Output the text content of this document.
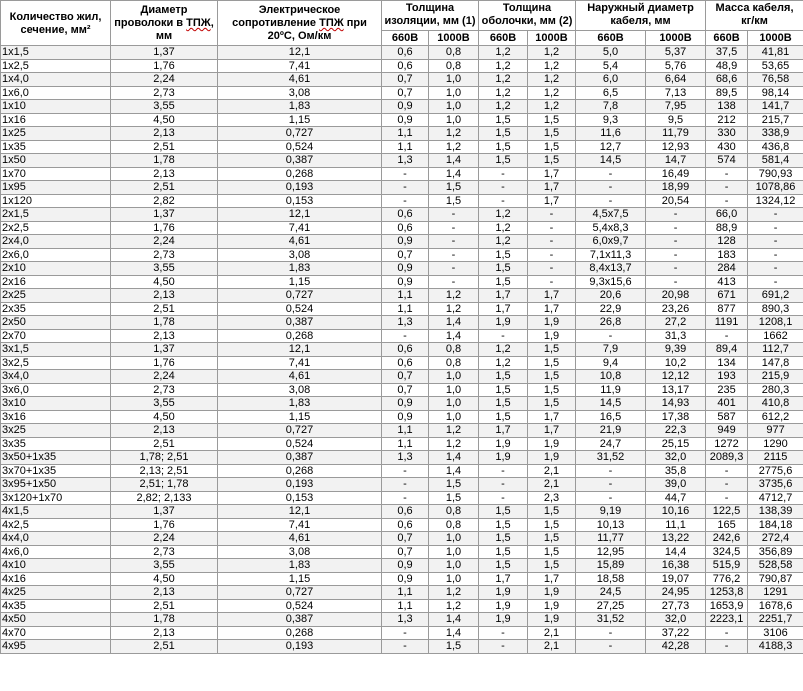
Количество жил, сечение, мм²	Диаметр проволоки в ТПЖ, мм	Электрическое сопротивление ТПЖ при 20ºС, Ом/км	Толщина изоляции, мм (1)		Толщина оболочки, мм (2)		Наружный диаметр кабеля, мм		Масса кабеля, кг/км	
			660В	1000В	660В	1000В	660В	1000В	660В	1000В
1x1,5	1,37	12,1	0,6	0,8	1,2	1,2	5,0	5,37	37,5	41,81
1x2,5	1,76	7,41	0,6	0,8	1,2	1,2	5,4	5,76	48,9	53,65
1x4,0	2,24	4,61	0,7	1,0	1,2	1,2	6,0	6,64	68,6	76,58
1x6,0	2,73	3,08	0,7	1,0	1,2	1,2	6,5	7,13	89,5	98,14
1x10	3,55	1,83	0,9	1,0	1,2	1,2	7,8	7,95	138	141,7
1x16	4,50	1,15	0,9	1,0	1,5	1,5	9,3	9,5	212	215,7
1x25	2,13	0,727	1,1	1,2	1,5	1,5	11,6	11,79	330	338,9
1x35	2,51	0,524	1,1	1,2	1,5	1,5	12,7	12,93	430	436,8
1x50	1,78	0,387	1,3	1,4	1,5	1,5	14,5	14,7	574	581,4
1x70	2,13	0,268	-	1,4	-	1,7	-	16,49	-	790,93
1x95	2,51	0,193	-	1,5	-	1,7	-	18,99	-	1078,86
1x120	2,82	0,153	-	1,5	-	1,7	-	20,54	-	1324,12
2x1,5	1,37	12,1	0,6	-	1,2	-	4,5x7,5	-	66,0	-
2x2,5	1,76	7,41	0,6	-	1,2	-	5,4x8,3	-	88,9	-
2x4,0	2,24	4,61	0,9	-	1,2	-	6,0x9,7	-	128	-
2x6,0	2,73	3,08	0,7	-	1,5	-	7,1x11,3	-	183	-
2x10	3,55	1,83	0,9	-	1,5	-	8,4x13,7	-	284	-
2x16	4,50	1,15	0,9	-	1,5	-	9,3x15,6	-	413	-
2x25	2,13	0,727	1,1	1,2	1,7	1,7	20,6	20,98	671	691,2
2x35	2,51	0,524	1,1	1,2	1,7	1,7	22,9	23,26	877	890,3
2x50	1,78	0,387	1,3	1,4	1,9	1,9	26,8	27,2	1191	1208,1
2x70	2,13	0,268	-	1,4	-	1,9	-	31,3	-	1662
3x1,5	1,37	12,1	0,6	0,8	1,2	1,5	7,9	9,39	89,4	112,7
3x2,5	1,76	7,41	0,6	0,8	1,2	1,5	9,4	10,2	134	147,8
3x4,0	2,24	4,61	0,7	1,0	1,5	1,5	10,8	12,12	193	215,9
3x6,0	2,73	3,08	0,7	1,0	1,5	1,5	11,9	13,17	235	280,3
3x10	3,55	1,83	0,9	1,0	1,5	1,5	14,5	14,93	401	410,8
3x16	4,50	1,15	0,9	1,0	1,5	1,7	16,5	17,38	587	612,2
3x25	2,13	0,727	1,1	1,2	1,7	1,7	21,9	22,3	949	977
3x35	2,51	0,524	1,1	1,2	1,9	1,9	24,7	25,15	1272	1290
3x50+1x35	1,78; 2,51	0,387	1,3	1,4	1,9	1,9	31,52	32,0	2089,3	2115
3x70+1x35	2,13; 2,51	0,268	-	1,4	-	2,1	-	35,8	-	2775,6
3x95+1x50	2,51; 1,78	0,193	-	1,5	-	2,1	-	39,0	-	3735,6
3x120+1x70	2,82; 2,133	0,153	-	1,5	-	2,3	-	44,7	-	4712,7
4x1,5	1,37	12,1	0,6	0,8	1,5	1,5	9,19	10,16	122,5	138,39
4x2,5	1,76	7,41	0,6	0,8	1,5	1,5	10,13	11,1	165	184,18
4x4,0	2,24	4,61	0,7	1,0	1,5	1,5	11,77	13,22	242,6	272,4
4x6,0	2,73	3,08	0,7	1,0	1,5	1,5	12,95	14,4	324,5	356,89
4x10	3,55	1,83	0,9	1,0	1,5	1,5	15,89	16,38	515,9	528,58
4x16	4,50	1,15	0,9	1,0	1,7	1,7	18,58	19,07	776,2	790,87
4x25	2,13	0,727	1,1	1,2	1,9	1,9	24,5	24,95	1253,8	1291
4x35	2,51	0,524	1,1	1,2	1,9	1,9	27,25	27,73	1653,9	1678,6
4x50	1,78	0,387	1,3	1,4	1,9	1,9	31,52	32,0	2223,1	2251,7
4x70	2,13	0,268	-	1,4	-	2,1	-	37,22	-	3106
4x95	2,51	0,193	-	1,5	-	2,1	-	42,28	-	4188,3
